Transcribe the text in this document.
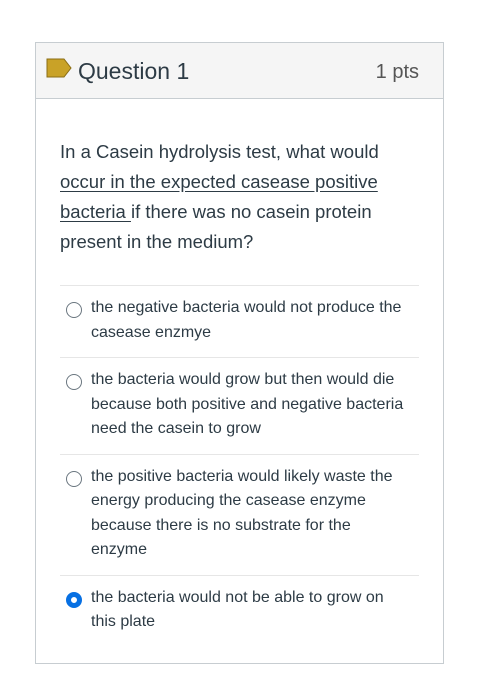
Question 1	1 pts
In a Casein hydrolysis test, what would occur in the expected casease positive bacteria if there was no casein protein present in the medium?
the negative bacteria would not produce the casease enzmye
the bacteria would grow but then would die because both positive and negative bacteria need the casein to grow
the positive bacteria would likely waste the energy producing the casease enzyme because there is no substrate for the enzyme
the bacteria would not be able to grow on this plate
